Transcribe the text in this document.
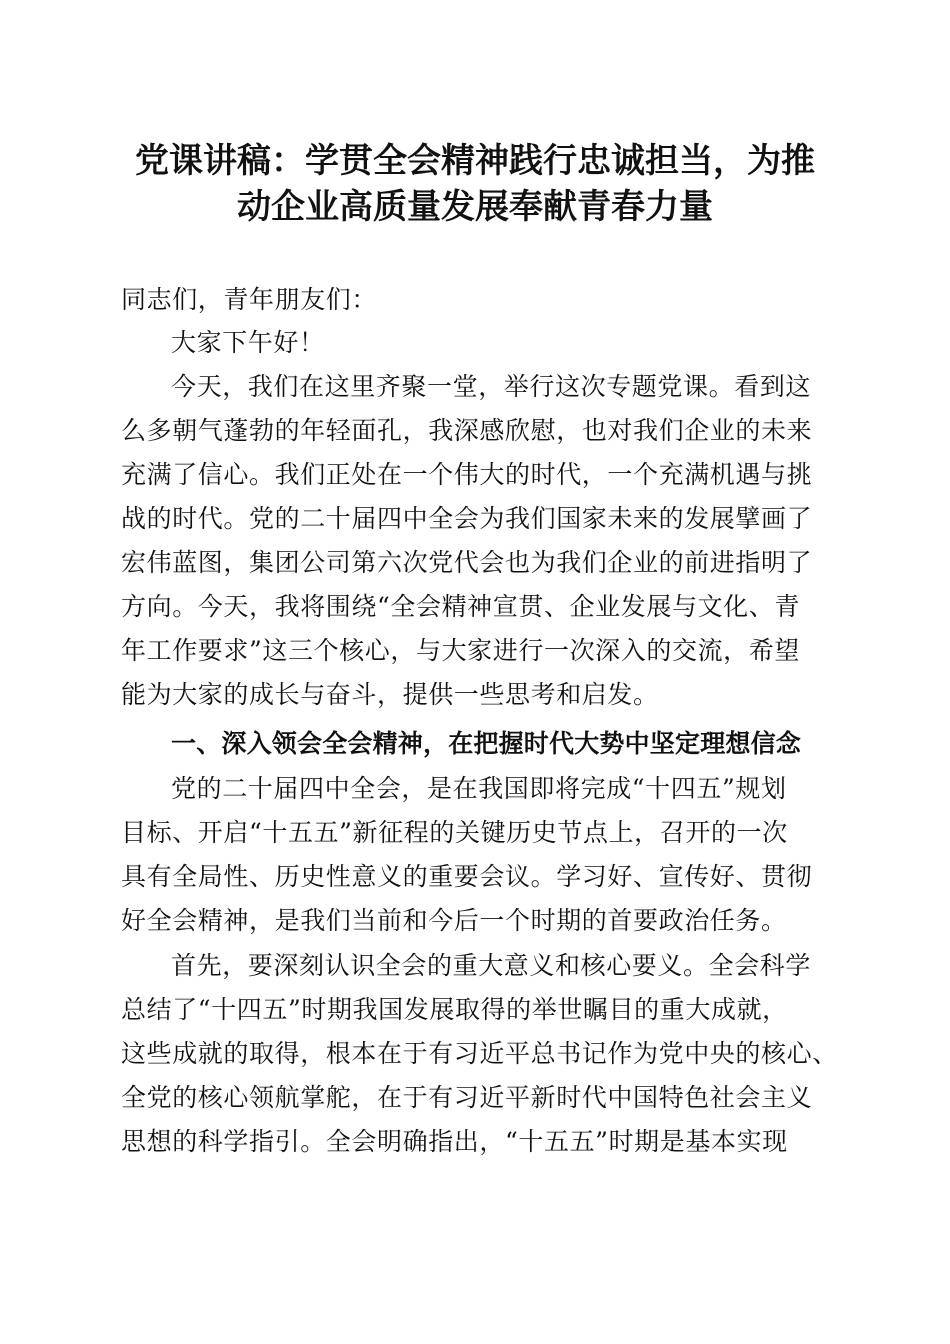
党课讲稿：学贯全会精神践行忠诚担当，为推
动企业高质量发展奉献青春力量
同志们，青年朋友们：
大家下午好！
今天，我们在这里齐聚一堂，举行这次专题党课。看到这
么多朝气蓬勃的年轻面孔，我深感欣慰，也对我们企业的未来
充满了信心。我们正处在一个伟大的时代，一个充满机遇与挑
战的时代。党的二十届四中全会为我们国家未来的发展擘画了
宏伟蓝图，集团公司第六次党代会也为我们企业的前进指明了
方向。今天，我将围绕“全会精神宣贯、企业发展与文化、青
年工作要求”这三个核心，与大家进行一次深入的交流，希望
能为大家的成长与奋斗，提供一些思考和启发。
一、深入领会全会精神，在把握时代大势中坚定理想信念
党的二十届四中全会，是在我国即将完成“十四五”规划
目标、开启“十五五”新征程的关键历史节点上，召开的一次
具有全局性、历史性意义的重要会议。学习好、宣传好、贯彻
好全会精神，是我们当前和今后一个时期的首要政治任务。
首先，要深刻认识全会的重大意义和核心要义。全会科学
总结了“十四五”时期我国发展取得的举世瞩目的重大成就，
这些成就的取得，根本在于有习近平总书记作为党中央的核心、
全党的核心领航掌舵，在于有习近平新时代中国特色社会主义
思想的科学指引。全会明确指出，“十五五”时期是基本实现
